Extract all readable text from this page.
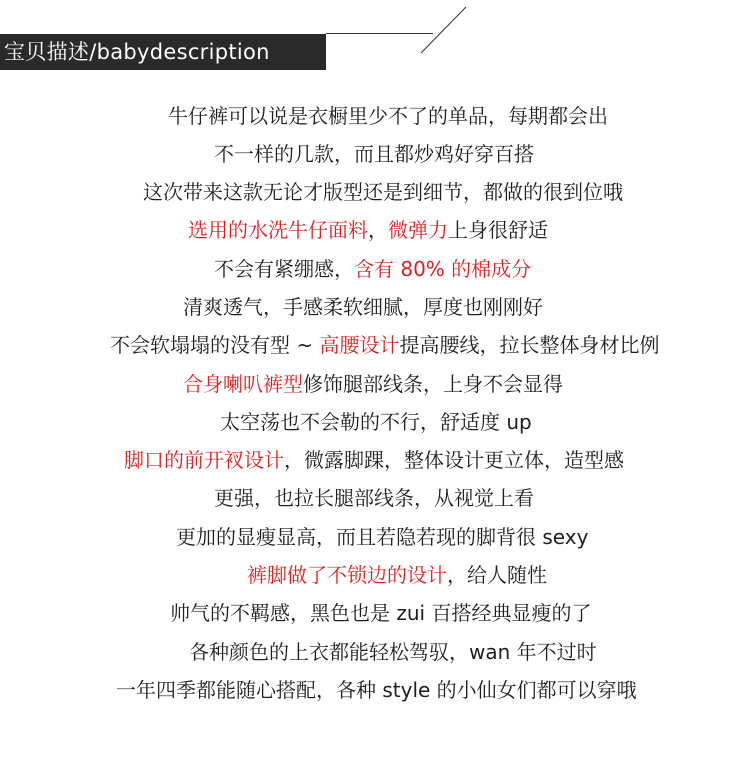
宝贝描述/babydescription
牛仔裤可以说是衣橱里少不了的单品，每期都会出
不一样的几款，而且都炒鸡好穿百搭
这次带来这款无论才版型还是到细节，都做的很到位哦
选用的水洗牛仔面料，微弹力上身很舒适
不会有紧绷感，含有 80% 的棉成分
清爽透气，手感柔软细腻，厚度也刚刚好
不会软塌塌的没有型 ~ 高腰设计提高腰线，拉长整体身材比例
合身喇叭裤型修饰腿部线条，上身不会显得
太空荡也不会勒的不行，舒适度 up
脚口的前开衩设计，微露脚踝，整体设计更立体，造型感
更强，也拉长腿部线条，从视觉上看
更加的显瘦显高，而且若隐若现的脚背很 sexy
裤脚做了不锁边的设计，给人随性
帅气的不羁感，黑色也是 zui 百搭经典显瘦的了
各种颜色的上衣都能轻松驾驭，wan 年不过时
一年四季都能随心搭配，各种 style 的小仙女们都可以穿哦
